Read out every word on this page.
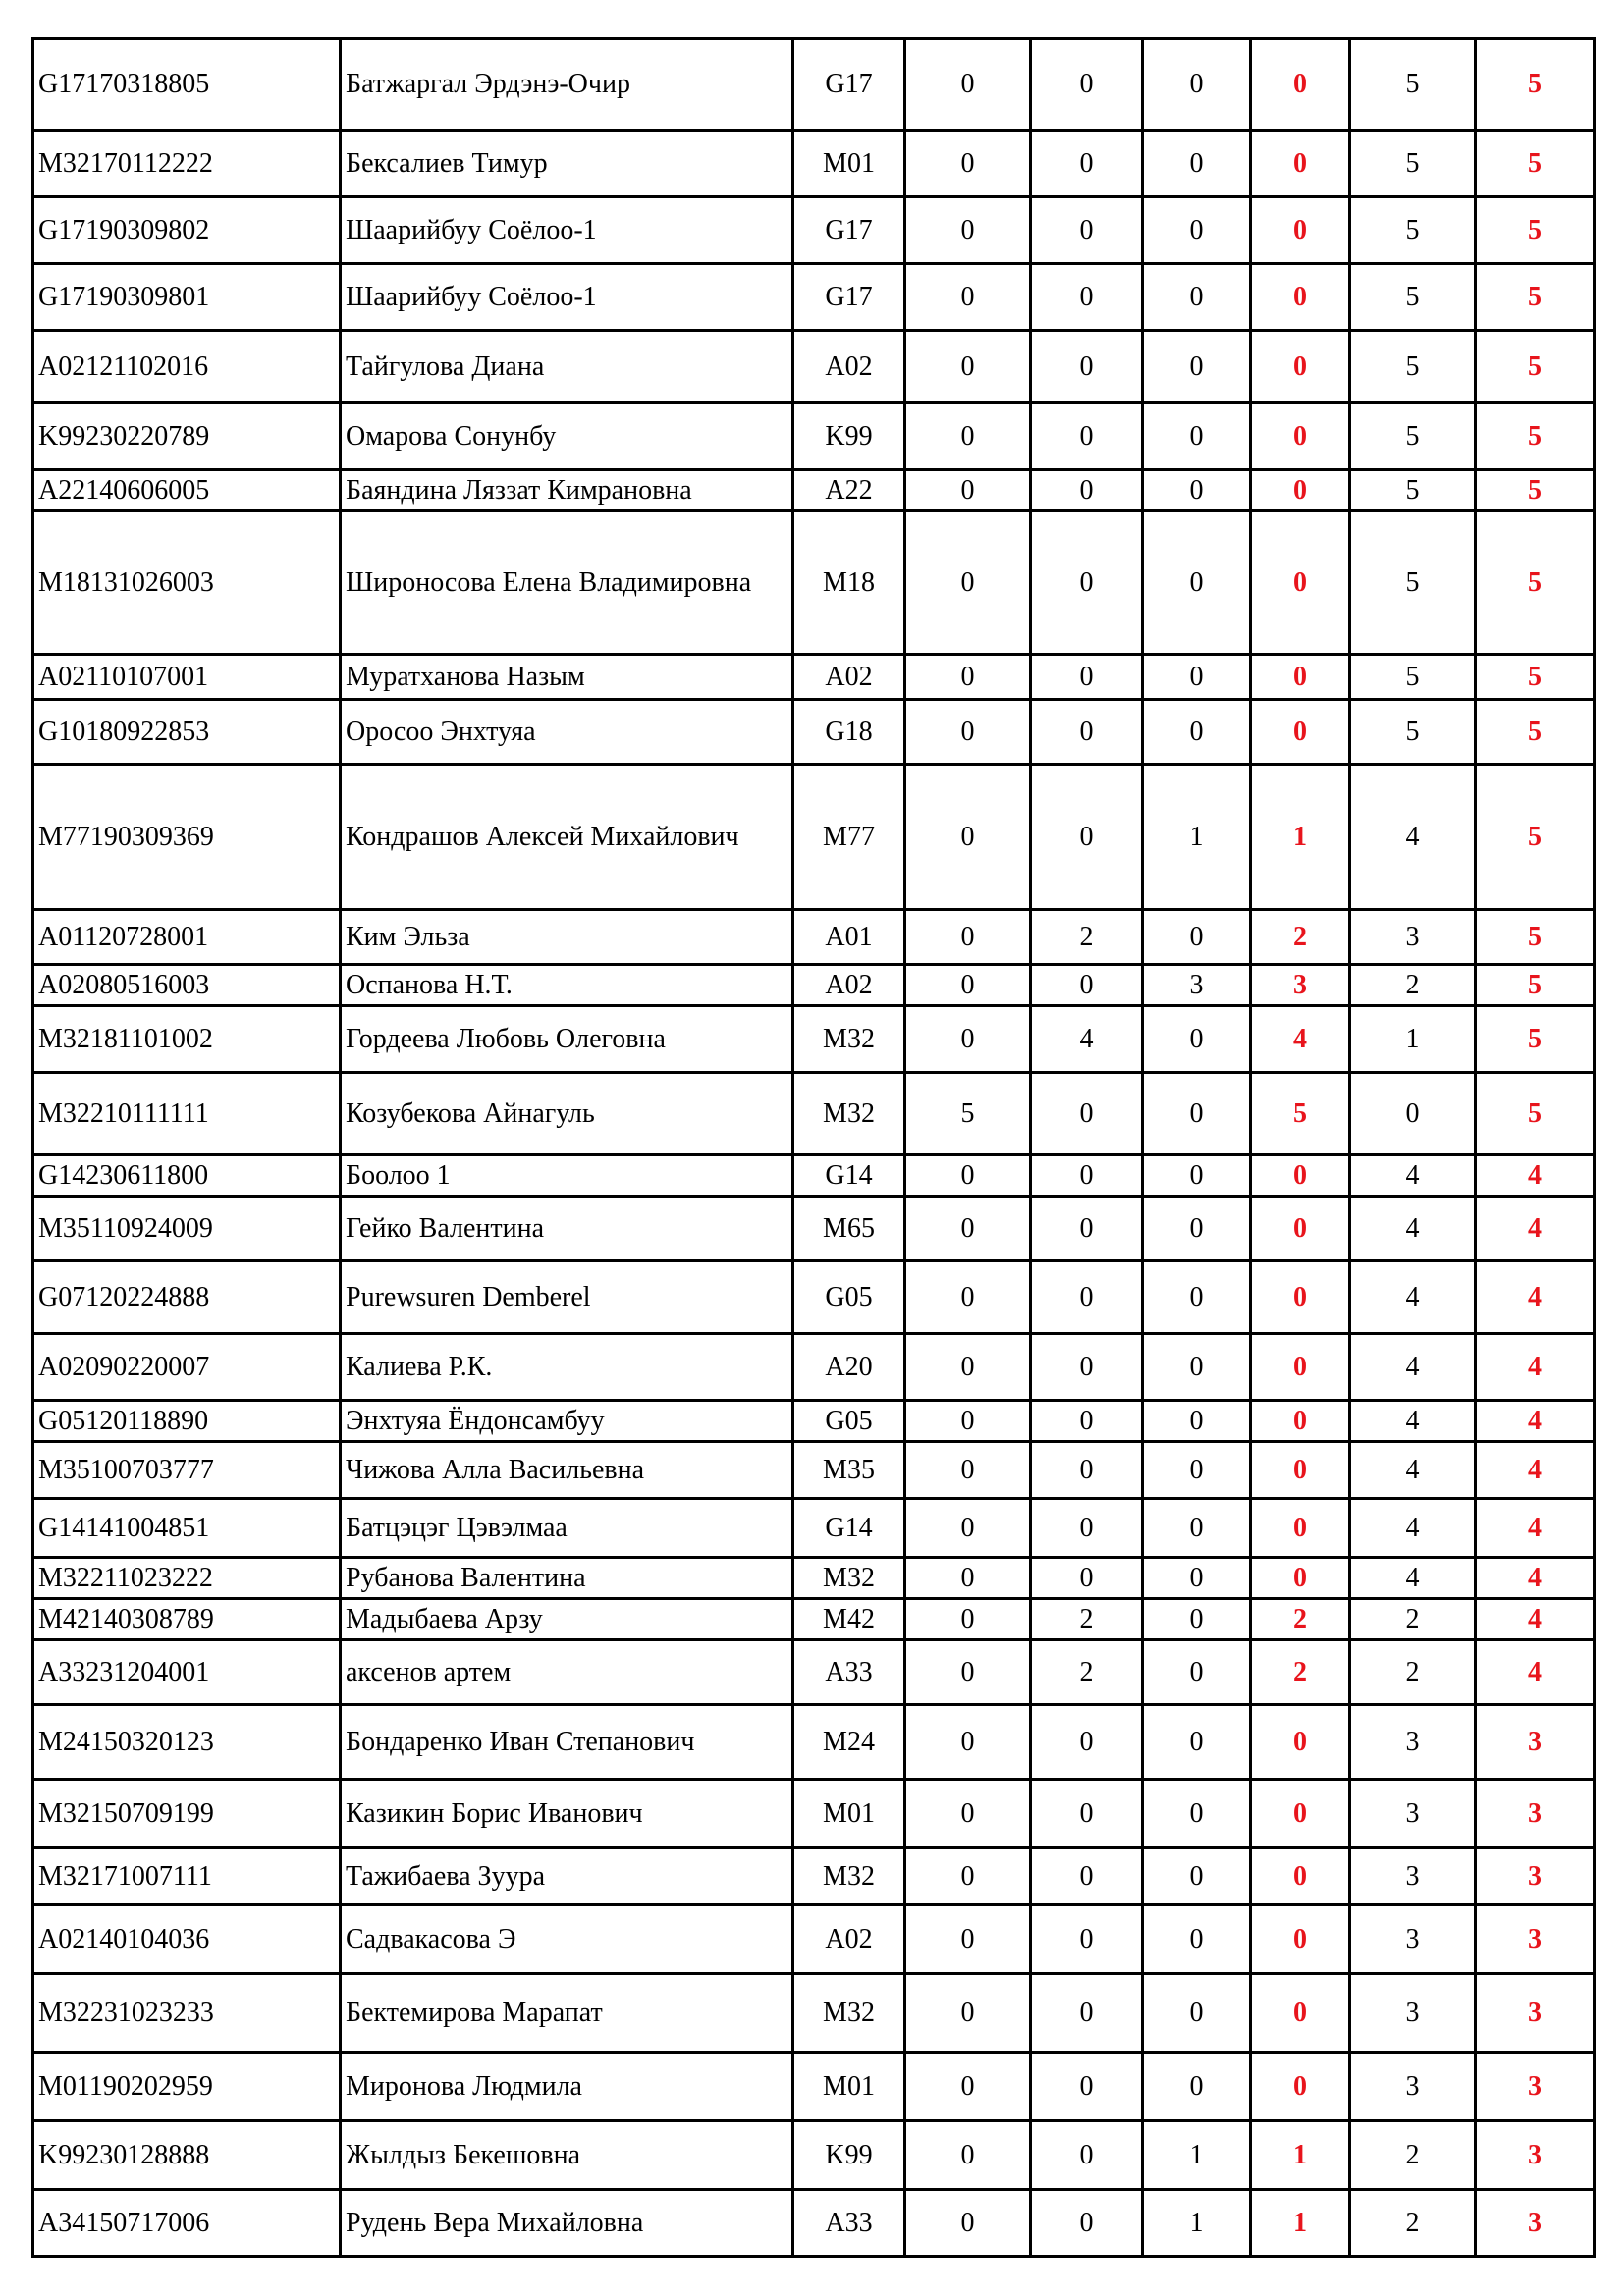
G17170318805	Батжаргал Эрдэнэ-Очир	G17	0	0	0	0	5	5
M32170112222	Бексалиев Тимур	M01	0	0	0	0	5	5
G17190309802	Шаарийбуу Соёлоо-1	G17	0	0	0	0	5	5
G17190309801	Шаарийбуу Соёлоо-1	G17	0	0	0	0	5	5
A02121102016	Тайгулова Диана	A02	0	0	0	0	5	5
K99230220789	Омарова Сонунбу	K99	0	0	0	0	5	5
A22140606005	Баяндина Ляззат Кимрановна	A22	0	0	0	0	5	5
M18131026003	Широносова Елена Владимировна	M18	0	0	0	0	5	5
A02110107001	Муратханова Назым	A02	0	0	0	0	5	5
G10180922853	Оросоо Энхтуяа	G18	0	0	0	0	5	5
M77190309369	Кондрашов Алексей Михайлович	M77	0	0	1	1	4	5
A01120728001	Ким Эльза	A01	0	2	0	2	3	5
A02080516003	Оспанова Н.Т.	A02	0	0	3	3	2	5
M32181101002	Гордеева Любовь Олеговна	M32	0	4	0	4	1	5
M32210111111	Козубекова Айнагуль	M32	5	0	0	5	0	5
G14230611800	Боолоо 1	G14	0	0	0	0	4	4
M35110924009	Гейко Валентина	M65	0	0	0	0	4	4
G07120224888	Purewsuren Demberel	G05	0	0	0	0	4	4
A02090220007	Калиева Р.К.	A20	0	0	0	0	4	4
G05120118890	Энхтуяа Ёндонсамбуу	G05	0	0	0	0	4	4
M35100703777	Чижова Алла Васильевна	M35	0	0	0	0	4	4
G14141004851	Батцэцэг Цэвэлмаа	G14	0	0	0	0	4	4
M32211023222	Рубанова Валентина	M32	0	0	0	0	4	4
M42140308789	Мадыбаева Арзу	M42	0	2	0	2	2	4
A33231204001	аксенов артем	A33	0	2	0	2	2	4
M24150320123	Бондаренко Иван Степанович	M24	0	0	0	0	3	3
M32150709199	Казикин Борис Иванович	M01	0	0	0	0	3	3
M32171007111	Тажибаева Зуура	M32	0	0	0	0	3	3
A02140104036	Садвакасова Э	A02	0	0	0	0	3	3
M32231023233	Бектемирова Марапат	M32	0	0	0	0	3	3
M01190202959	Миронова Людмила	M01	0	0	0	0	3	3
K99230128888	Жылдыз Бекешовна	K99	0	0	1	1	2	3
A34150717006	Рудень Вера Михайловна	A33	0	0	1	1	2	3
